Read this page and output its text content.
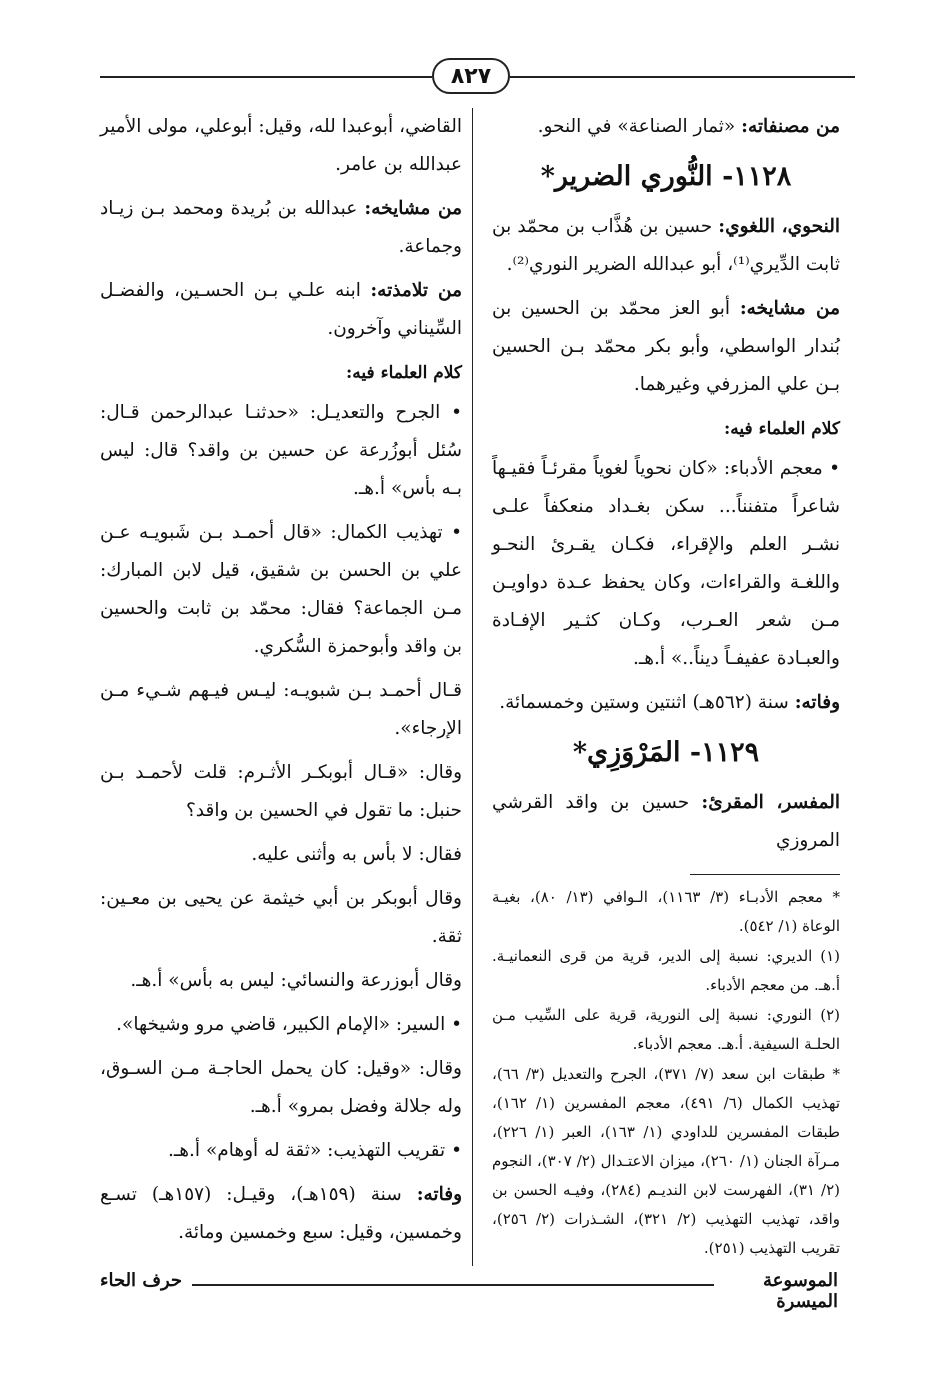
٨٢٧

من مصنفاته: «ثمار الصناعة» في النحو.

١١٢٨- النُّوري الضرير*

النحوي، اللغوي: حسين بن هُذَّاب بن محمّد بن ثابت الدِّيري⁽¹⁾، أبو عبدالله الضرير النوري⁽²⁾.

من مشايخه: أبو العز محمّد بن الحسين بن بُندار الواسطي، وأبو بكر محمّد بـن الحسين بـن علي المزرفي وغيرهما.

كلام العلماء فيه:

• معجم الأدباء: «كان نحوياً لغوياً مقرئـاً فقيـهاً شاعراً متفنناً... سكن بغـداد منعكفاً علـى نشـر العلم والإقراء، فكـان يقـرئ النحـو واللغـة والقراءات، وكان يحفظ عـدة دواويـن مـن شعر العـرب، وكـان كثـير الإفـادة والعبـادة عفيفـاً ديناً..» أ.هـ.

وفاته: سنة (٥٦٢هـ) اثنتين وستين وخمسمائة.

١١٢٩- المَرْوَزِي*

المفسر، المقرئ: حسين بن واقد القرشي المروزي

* معجم الأدبـاء (٣/ ١١٦٣)، الـوافي (١٣/ ٨٠)، بغيـة الوعاة (١/ ٥٤٢).

(١) الديري: نسبة إلى الدير، قرية من قرى النعمانيـة. أ.هـ. من معجم الأدباء.

(٢) النوري: نسبة إلى النورية، قرية على السِّيب مـن الحلـة السيفية. أ.هـ. معجم الأدباء.

* طبقات ابن سعد (٧/ ٣٧١)، الجرح والتعديل (٣/ ٦٦)، تهذيب الكمال (٦/ ٤٩١)، معجم المفسرين (١/ ١٦٢)، طبقات المفسرين للداودي (١/ ١٦٣)، العبر (١/ ٢٢٦)، مـرآة الجنان (١/ ٢٦٠)، ميزان الاعتـدال (٢/ ٣٠٧)، النجوم (٢/ ٣١)، الفهرست لابن النديـم (٢٨٤)، وفيـه الحسن بن واقد، تهذيب التهذيب (٢/ ٣٢١)، الشـذرات (٢/ ٢٥٦)، تقريب التهذيب (٢٥١).

القاضي، أبوعبدا لله، وقيل: أبوعلي، مولى الأمير عبدالله بن عامر.

من مشايخه: عبدالله بن بُريدة ومحمد بـن زيـاد وجماعة.

من تلامذته: ابنه علـي بـن الحسـين، والفضـل السِّيناني وآخرون.

كلام العلماء فيه:

• الجرح والتعديـل: «حدثنـا عبدالرحمن قـال: سُئل أبوزُرعة عن حسين بن واقد؟ قال: ليس بـه بأس» أ.هـ.

• تهذيب الكمال: «قال أحمـد بـن شَبويـه عـن علي بن الحسن بن شقيق، قيل لابن المبارك: مـن الجماعة؟ فقال: محمّد بن ثابت والحسين بن واقد وأبوحمزة السُّكري.

قـال أحمـد بـن شبويـه: ليـس فيـهم شـيء مـن الإرجاء».

وقال: «قـال أبوبكـر الأثـرم: قلت لأحمـد بـن حنبل: ما تقول في الحسين بن واقد؟

فقال: لا بأس به وأثنى عليه.

وقال أبوبكر بن أبي خيثمة عن يحيى بن معـين: ثقة.

وقال أبوزرعة والنسائي: ليس به بأس» أ.هـ.

• السير: «الإمام الكبير، قاضي مرو وشيخها».

وقال: «وقيل: كان يحمل الحاجـة مـن السـوق، وله جلالة وفضل بمرو» أ.هـ.

• تقريب التهذيب: «ثقة له أوهام» أ.هـ.

وفاته: سنة (١٥٩هـ)، وقيـل: (١٥٧هـ) تسـع وخمسين، وقيل: سبع وخمسين ومائة.

الموسوعة الميسرة
حرف الحاء
